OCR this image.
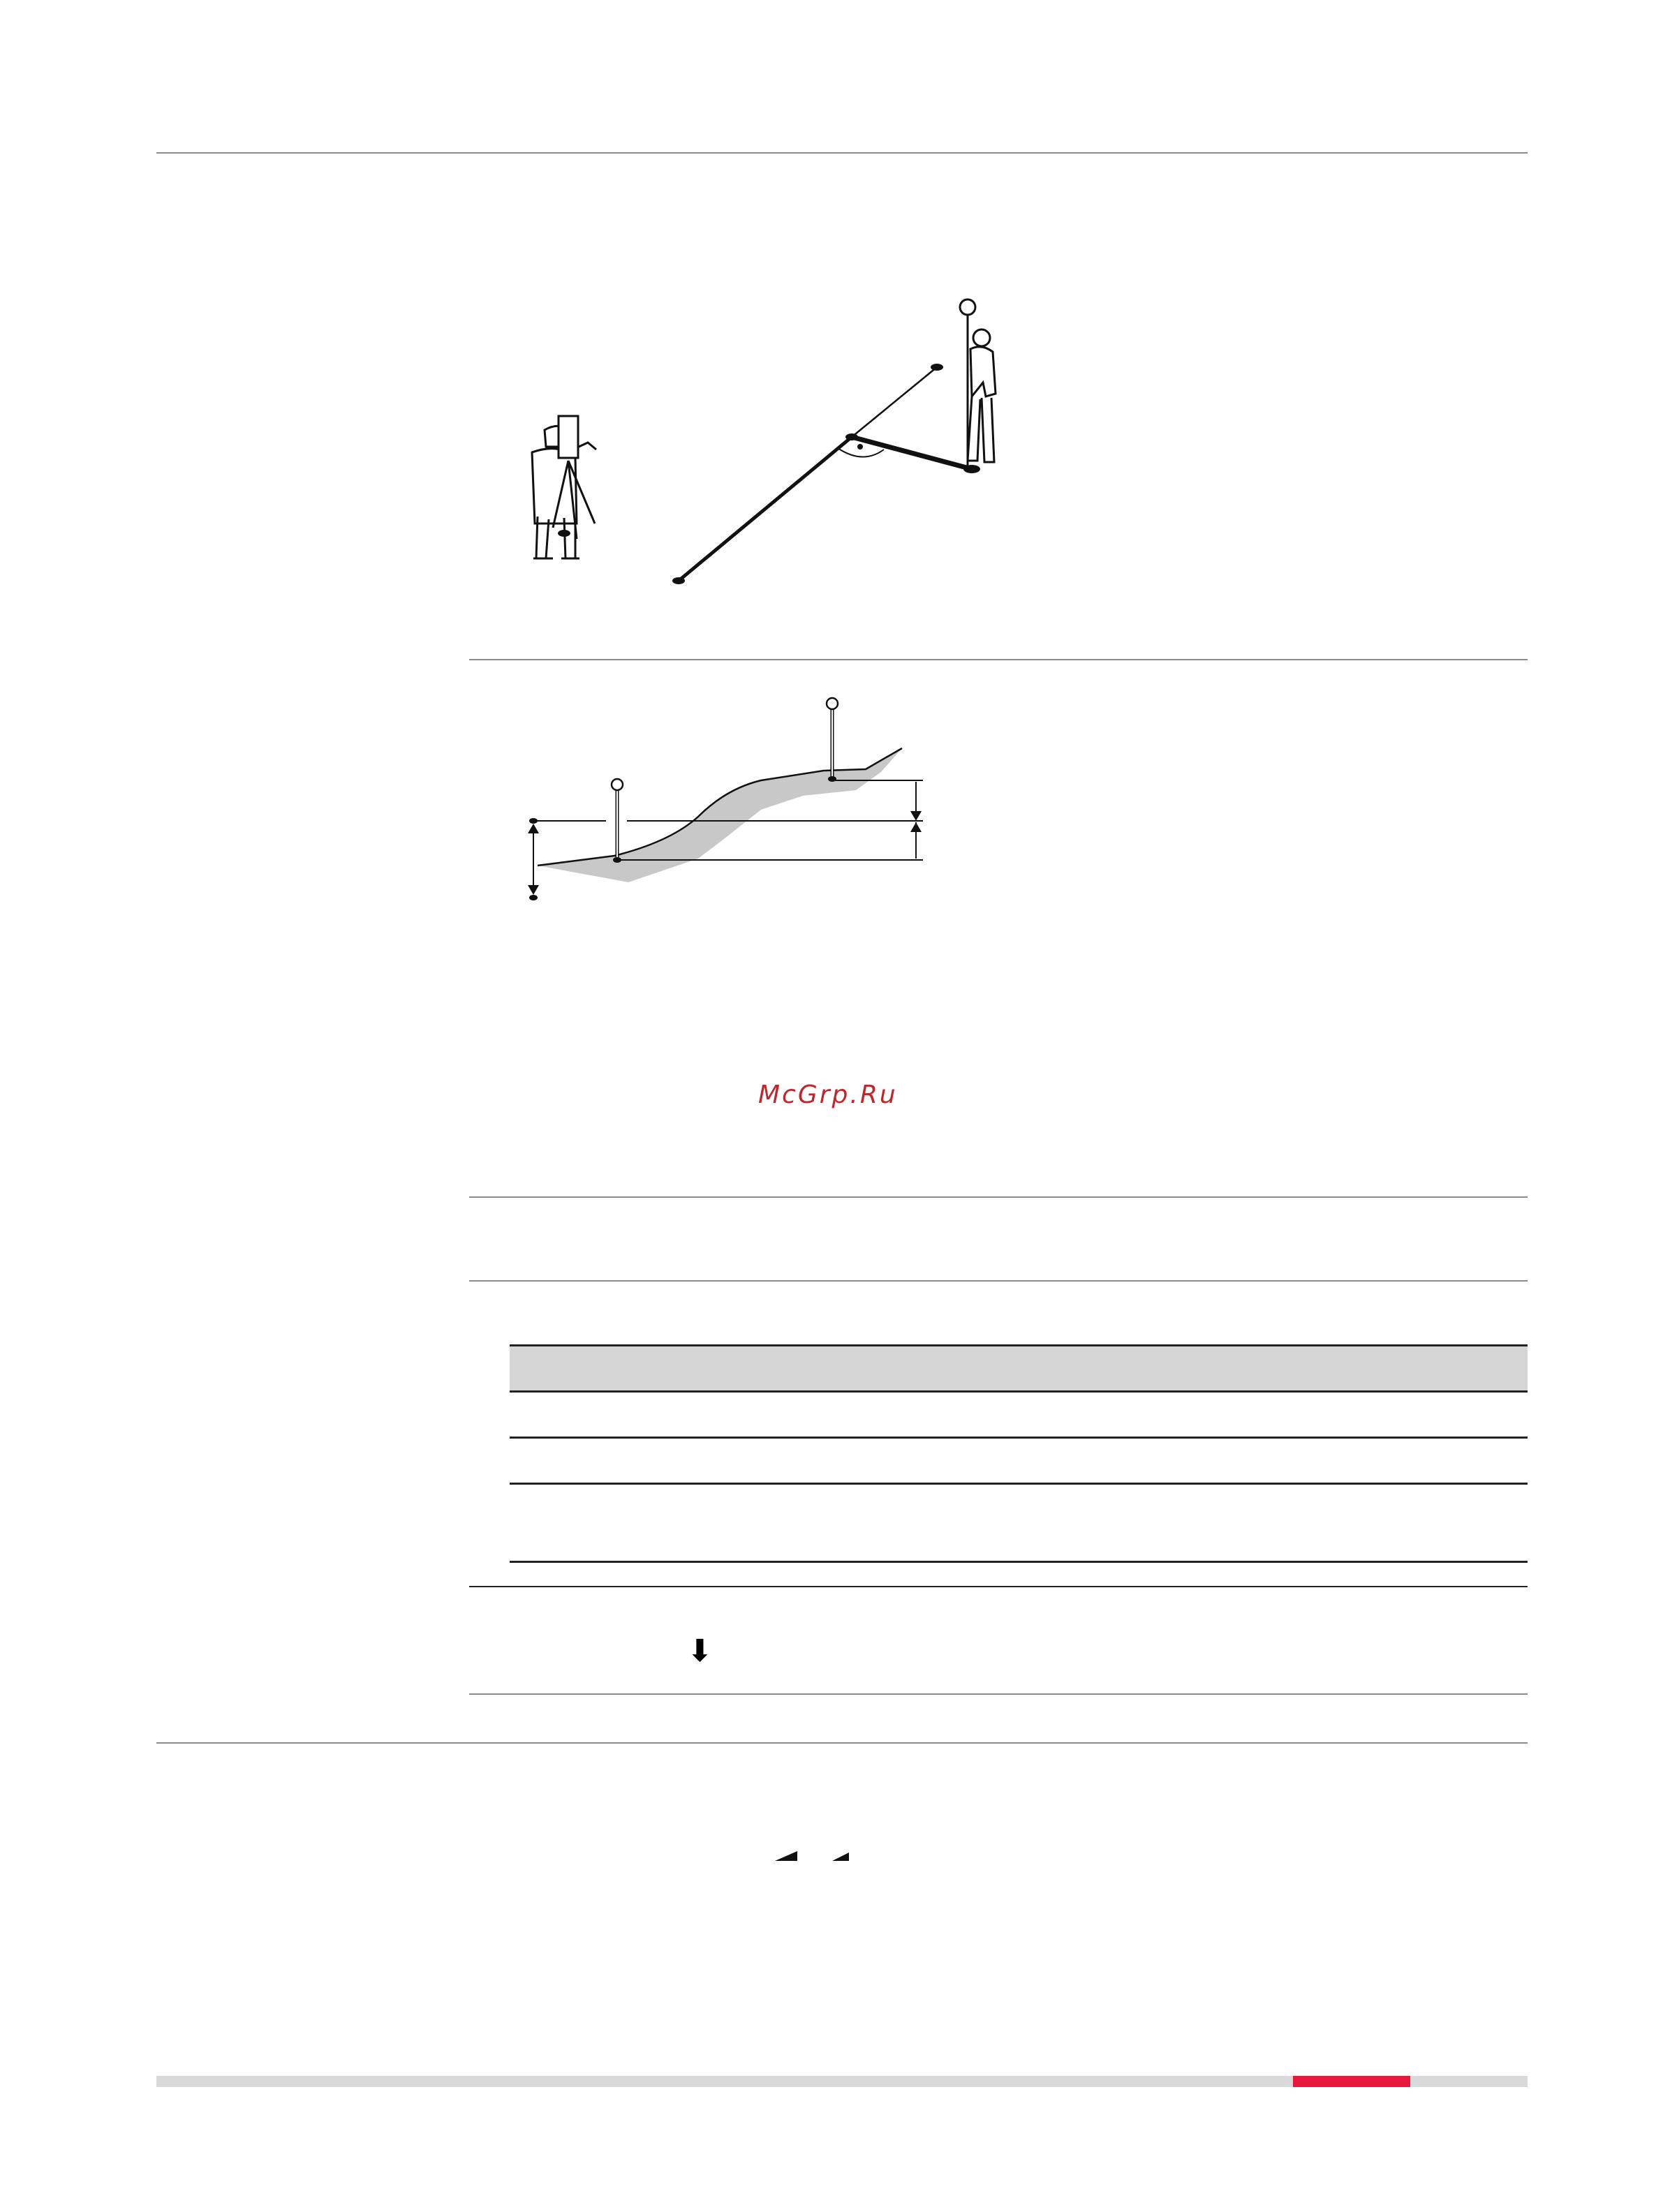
McGrp.Ru
⬇
